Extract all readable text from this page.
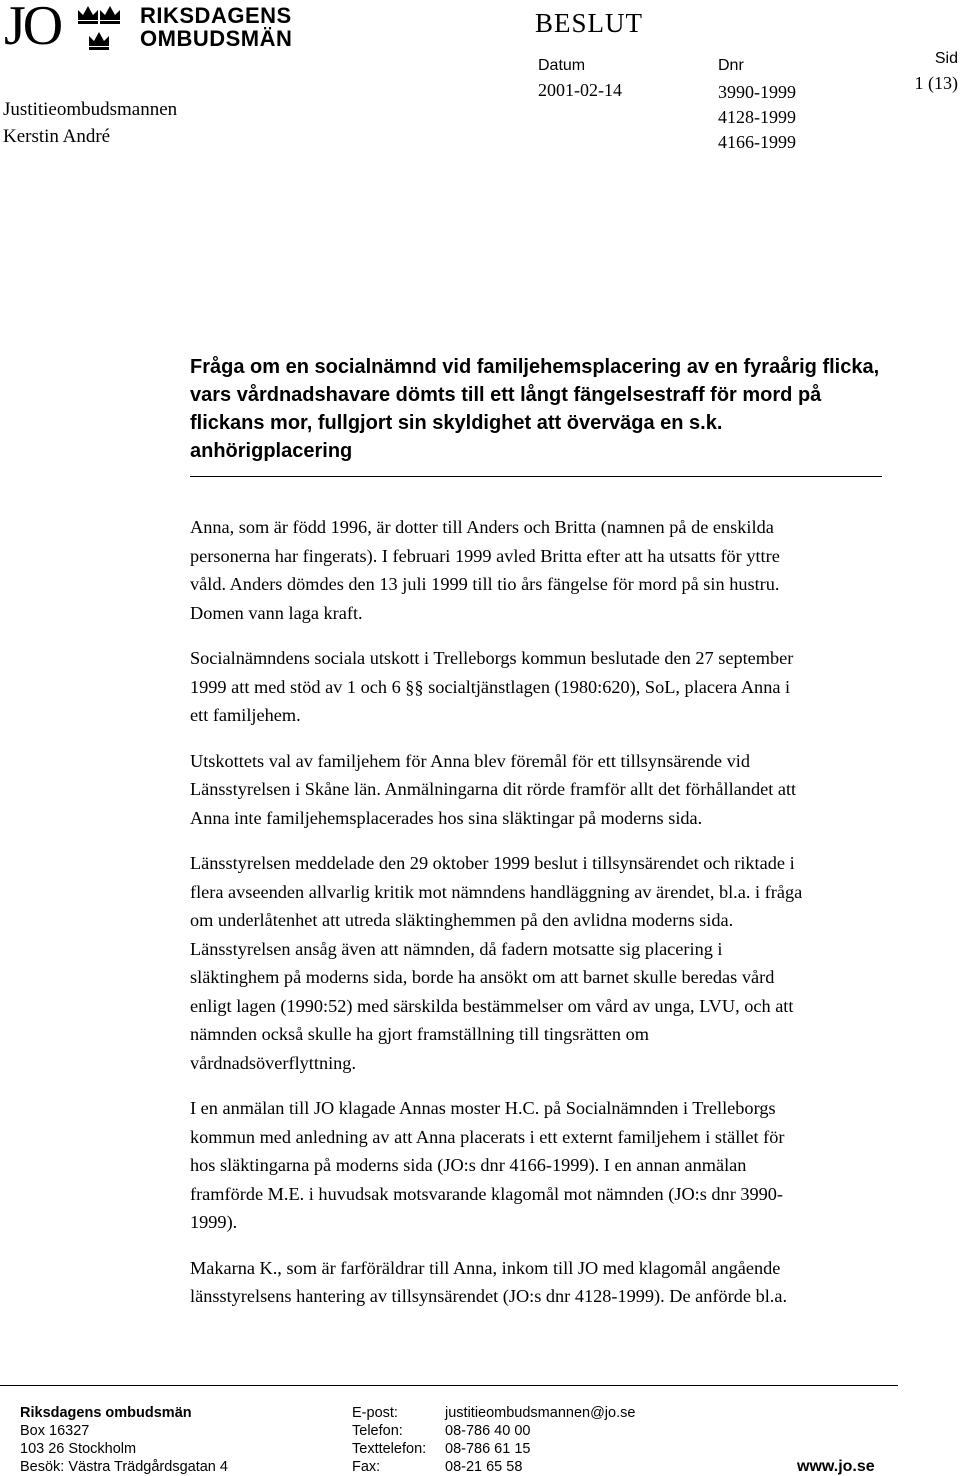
JO	RIKSDAGENS
OMBUDSMÄN
BESLUT
Justitieombudsmannen
Kerstin André
Datum
2001-02-14
Dnr
3990-1999
4128-1999
4166-1999
Sid
1 (13)
Fråga om en socialnämnd vid familjehemsplacering av en fyraårig flicka, vars vårdnadshavare dömts till ett långt fängelsestraff för mord på flickans mor, fullgjort sin skyldighet att överväga en s.k. anhörigplacering

Anna, som är född 1996, är dotter till Anders och Britta (namnen på de enskilda
personerna har fingerats). I februari 1999 avled Britta efter att ha utsatts för yttre
våld. Anders dömdes den 13 juli 1999 till tio års fängelse för mord på sin hustru.
Domen vann laga kraft.

Socialnämndens sociala utskott i Trelleborgs kommun beslutade den 27 september
1999 att med stöd av 1 och 6 §§ socialtjänstlagen (1980:620), SoL, placera Anna i
ett familjehem.

Utskottets val av familjehem för Anna blev föremål för ett tillsynsärende vid
Länsstyrelsen i Skåne län. Anmälningarna dit rörde framför allt det förhållandet att
Anna inte familjehemsplacerades hos sina släktingar på moderns sida.

Länsstyrelsen meddelade den 29 oktober 1999 beslut i tillsynsärendet och riktade i
flera avseenden allvarlig kritik mot nämndens handläggning av ärendet, bl.a. i fråga
om underlåtenhet att utreda släktinghemmen på den avlidna moderns sida.
Länsstyrelsen ansåg även att nämnden, då fadern motsatte sig placering i
släktinghem på moderns sida, borde ha ansökt om att barnet skulle beredas vård
enligt lagen (1990:52) med särskilda bestämmelser om vård av unga, LVU, och att
nämnden också skulle ha gjort framställning till tingsrätten om
vårdnadsöverflyttning.

I en anmälan till JO klagade Annas moster H.C. på Socialnämnden i Trelleborgs
kommun med anledning av att Anna placerats i ett externt familjehem i stället för
hos släktingarna på moderns sida (JO:s dnr 4166-1999). I en annan anmälan
framförde M.E. i huvudsak motsvarande klagomål mot nämnden (JO:s dnr 3990-
1999).

Makarna K., som är farföräldrar till Anna, inkom till JO med klagomål angående
länsstyrelsens hantering av tillsynsärendet (JO:s dnr 4128-1999). De anförde bl.a.

Riksdagens ombudsmän
Box 16327
103 26 Stockholm
Besök: Västra Trädgårdsgatan 4
E-post:
Telefon:
Texttelefon:
Fax:
justitieombudsmannen@jo.se
08-786 40 00
08-786 61 15
08-21 65 58	www.jo.se
